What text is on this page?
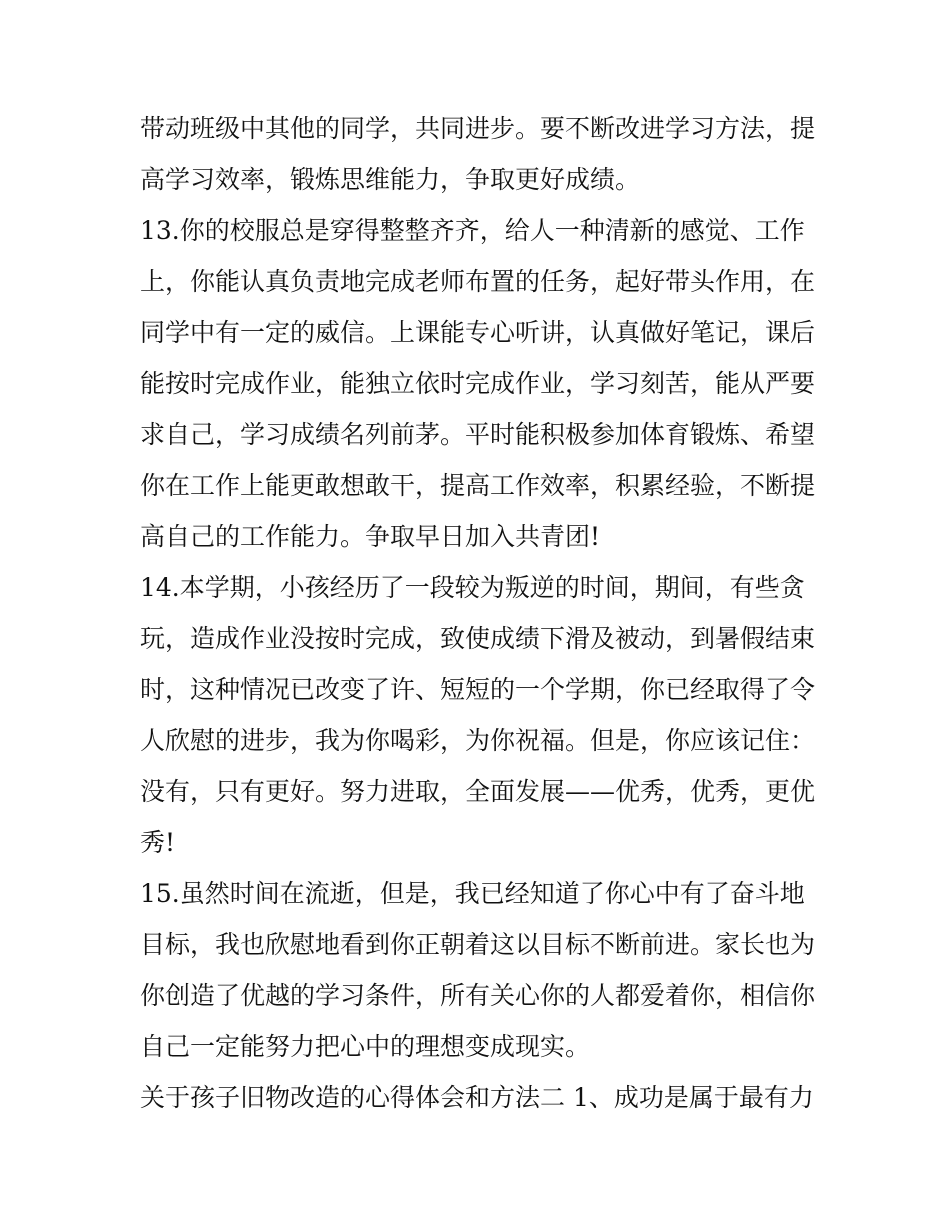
带动班级中其他的同学，共同进步。要不断改进学习方法，提
高学习效率，锻炼思维能力，争取更好成绩。
13.你的校服总是穿得整整齐齐，给人一种清新的感觉、工作
上，你能认真负责地完成老师布置的任务，起好带头作用，在
同学中有一定的威信。上课能专心听讲，认真做好笔记，课后
能按时完成作业，能独立依时完成作业，学习刻苦，能从严要
求自己，学习成绩名列前茅。平时能积极参加体育锻炼、希望
你在工作上能更敢想敢干，提高工作效率，积累经验，不断提
高自己的工作能力。争取早日加入共青团!
14.本学期，小孩经历了一段较为叛逆的时间，期间，有些贪
玩，造成作业没按时完成，致使成绩下滑及被动，到暑假结束
时，这种情况已改变了许、短短的一个学期，你已经取得了令
人欣慰的进步，我为你喝彩，为你祝福。但是，你应该记住：
没有，只有更好。努力进取，全面发展——优秀，优秀，更优
秀!
15.虽然时间在流逝，但是，我已经知道了你心中有了奋斗地
目标，我也欣慰地看到你正朝着这以目标不断前进。家长也为
你创造了优越的学习条件，所有关心你的人都爱着你，相信你
自己一定能努力把心中的理想变成现实。
关于孩子旧物改造的心得体会和方法二 1、成功是属于最有力
